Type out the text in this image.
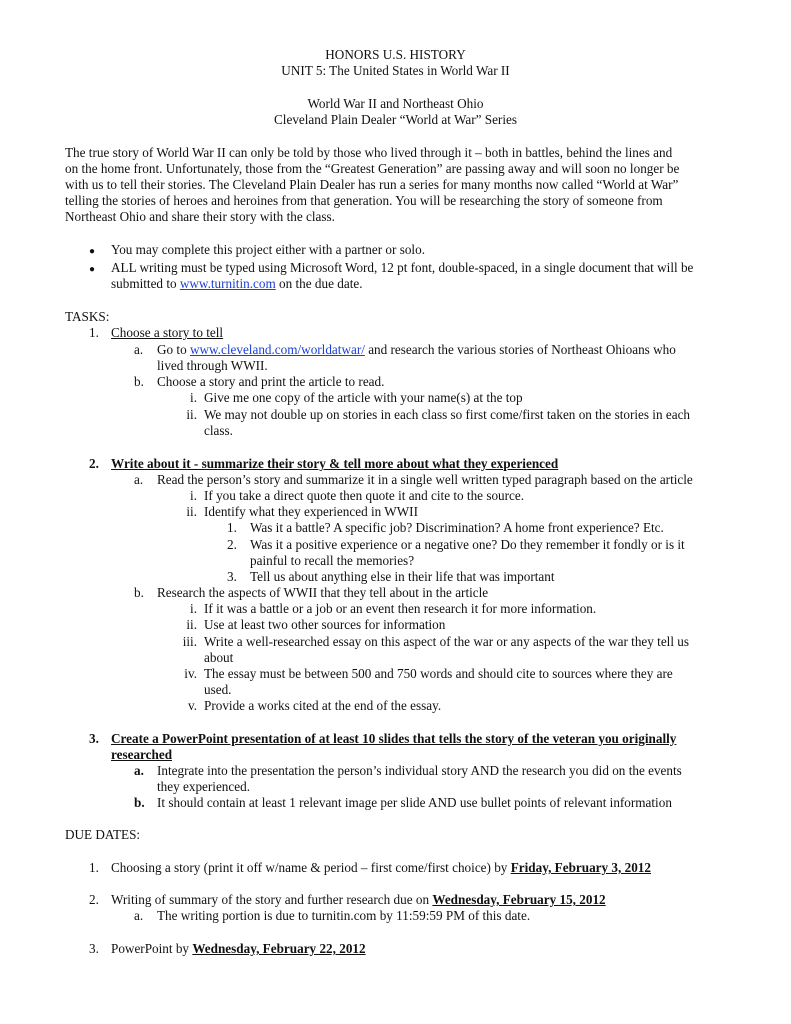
HONORS U.S. HISTORY
UNIT 5: The United States in World War II
World War II and Northeast Ohio
Cleveland Plain Dealer “World at War” Series
The true story of World War II can only be told by those who lived through it – both in battles, behind the lines and
on the home front. Unfortunately, those from the “Greatest Generation” are passing away and will soon no longer be
with us to tell their stories. The Cleveland Plain Dealer has run a series for many months now called “World at War”
telling the stories of heroes and heroines from that generation. You will be researching the story of someone from
Northeast Ohio and share their story with the class.
● You may complete this project either with a partner or solo.
● ALL writing must be typed using Microsoft Word, 12 pt font, double-spaced, in a single document that will be
submitted to www.turnitin.com on the due date.
TASKS:
1. Choose a story to tell
a. Go to www.cleveland.com/worldatwar/ and research the various stories of Northeast Ohioans who
lived through WWII.
b. Choose a story and print the article to read.
i. Give me one copy of the article with your name(s) at the top
ii. We may not double up on stories in each class so first come/first taken on the stories in each
class.
2. Write about it - summarize their story & tell more about what they experienced
a. Read the person’s story and summarize it in a single well written typed paragraph based on the article
i. If you take a direct quote then quote it and cite to the source.
ii. Identify what they experienced in WWII
1. Was it a battle? A specific job? Discrimination? A home front experience? Etc.
2. Was it a positive experience or a negative one? Do they remember it fondly or is it
painful to recall the memories?
3. Tell us about anything else in their life that was important
b. Research the aspects of WWII that they tell about in the article
i. If it was a battle or a job or an event then research it for more information.
ii. Use at least two other sources for information
iii. Write a well-researched essay on this aspect of the war or any aspects of the war they tell us
about
iv. The essay must be between 500 and 750 words and should cite to sources where they are
used.
v. Provide a works cited at the end of the essay.
3. Create a PowerPoint presentation of at least 10 slides that tells the story of the veteran you originally
researched
a. Integrate into the presentation the person’s individual story AND the research you did on the events
they experienced.
b. It should contain at least 1 relevant image per slide AND use bullet points of relevant information
DUE DATES:
1. Choosing a story (print it off w/name & period – first come/first choice) by Friday, February 3, 2012
2. Writing of summary of the story and further research due on Wednesday, February 15, 2012
a. The writing portion is due to turnitin.com by 11:59:59 PM of this date.
3. PowerPoint by Wednesday, February 22, 2012
